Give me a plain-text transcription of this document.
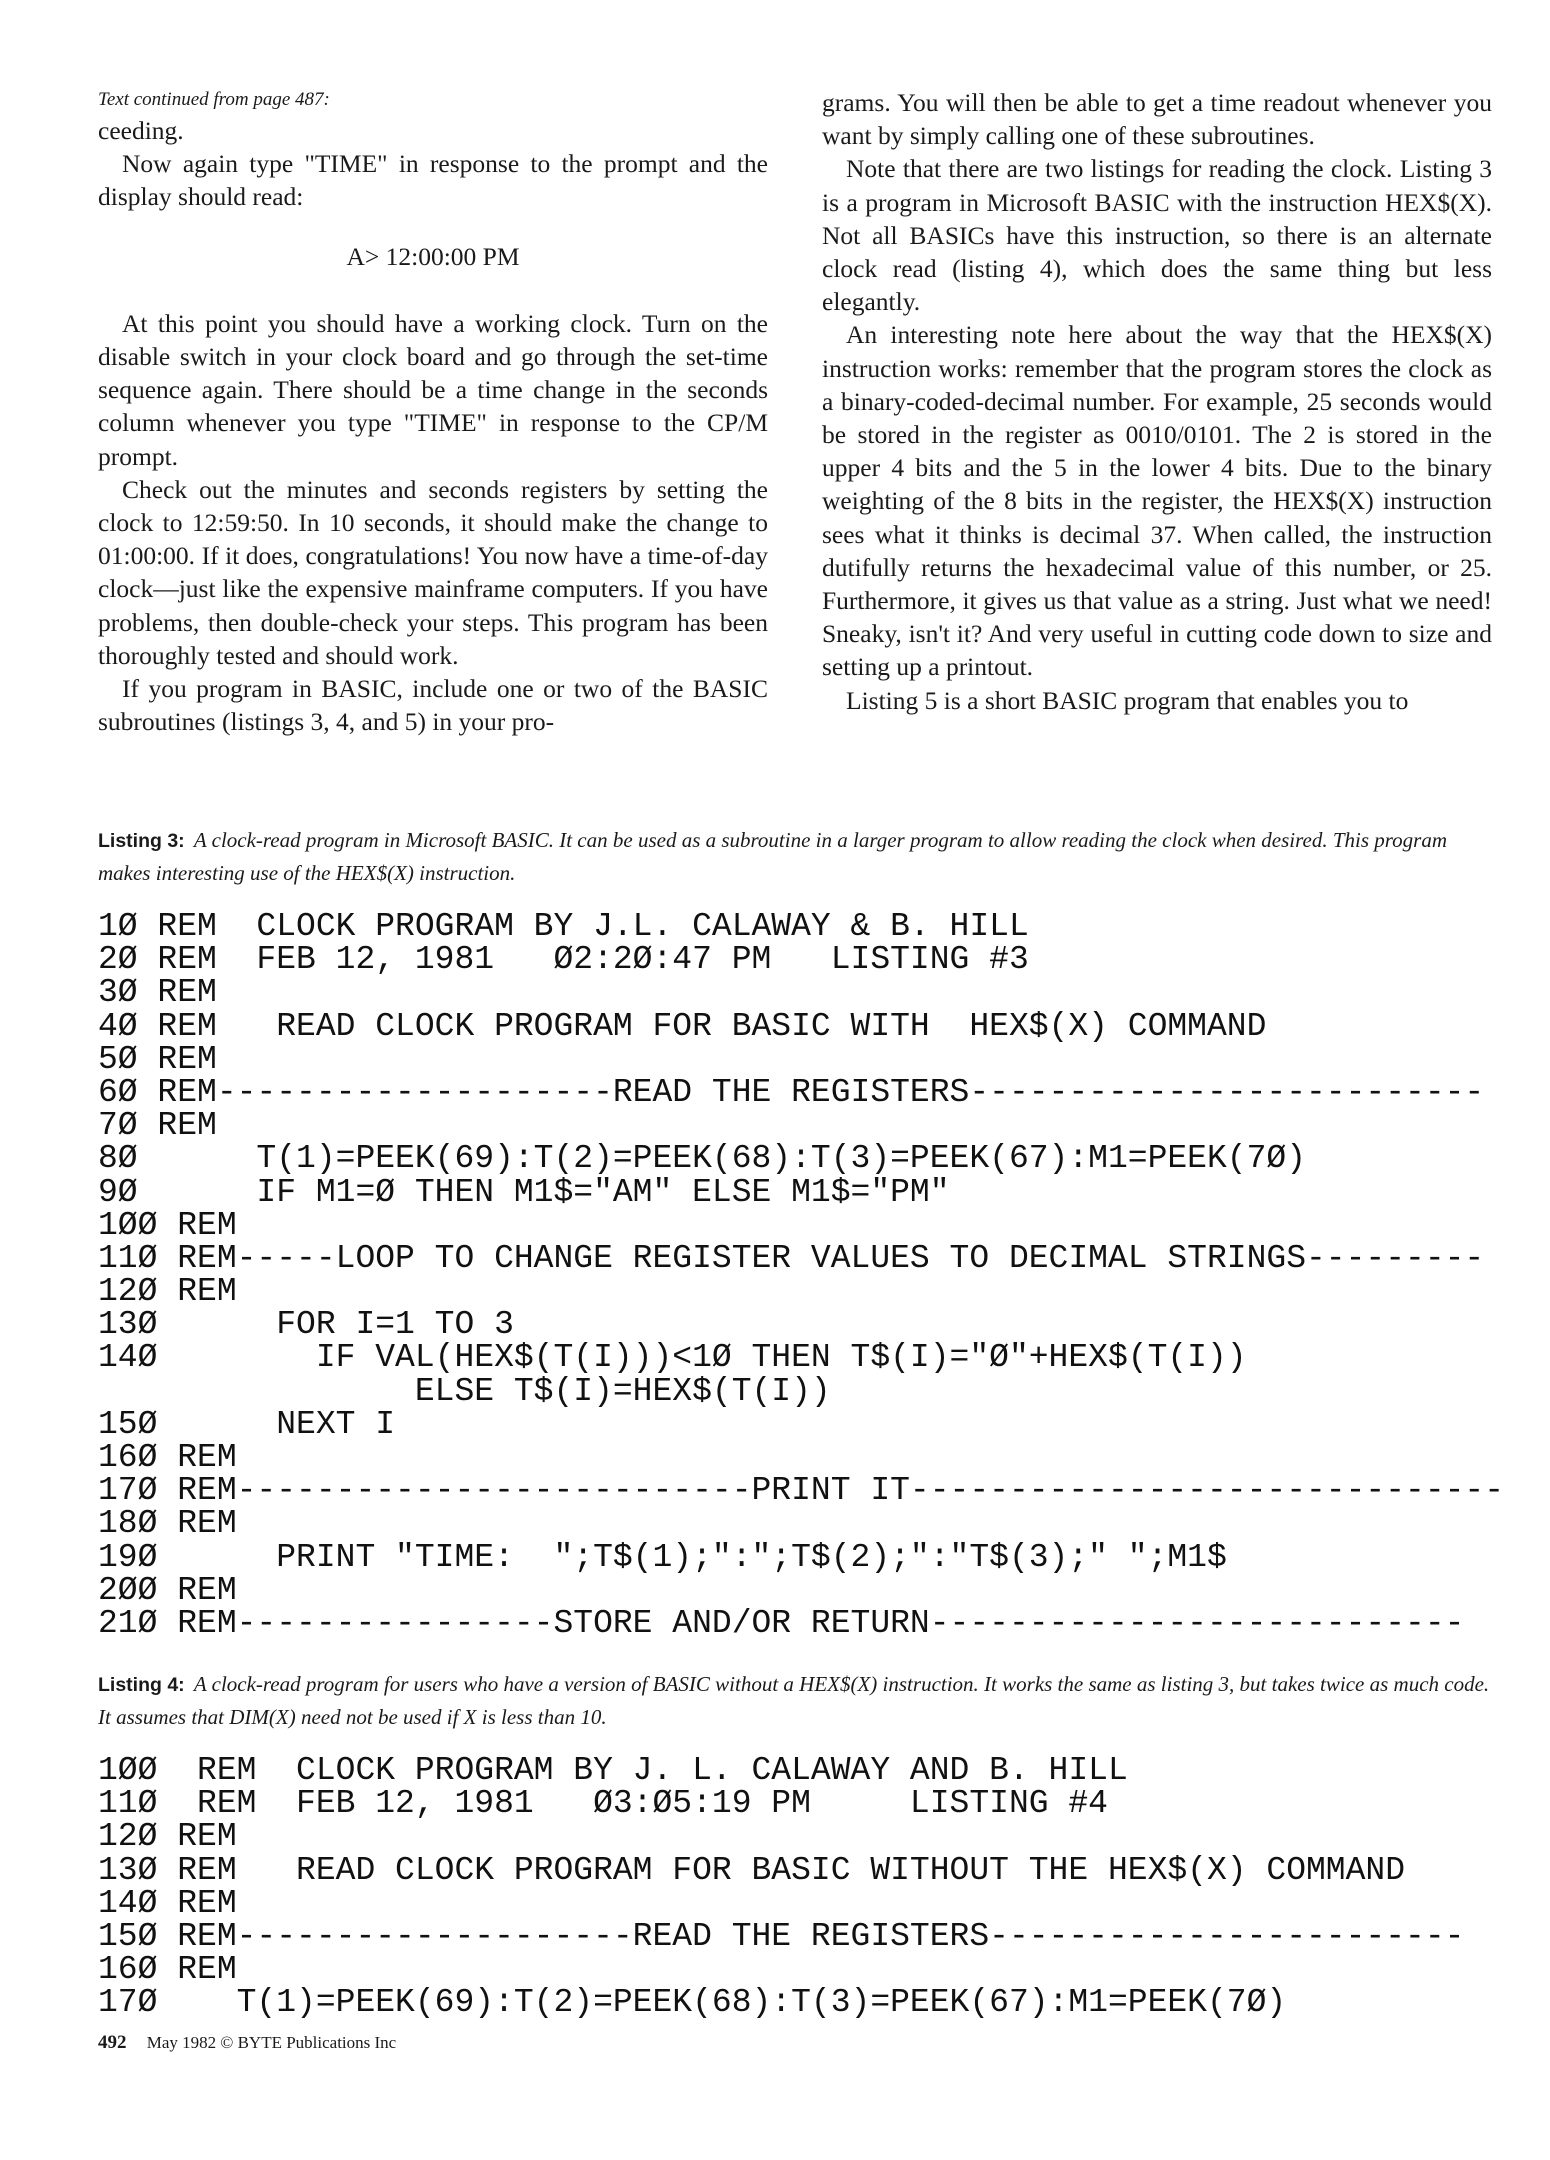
Text continued from page 487:

ceeding.

Now again type "TIME" in response to the prompt and the display should read:

A> 12:00:00 PM

At this point you should have a working clock. Turn on the disable switch in your clock board and go through the set-time sequence again. There should be a time change in the seconds column whenever you type "TIME" in response to the CP/M prompt.

Check out the minutes and seconds registers by setting the clock to 12:59:50. In 10 seconds, it should make the change to 01:00:00. If it does, congratulations! You now have a time-of-day clock—just like the expensive mainframe computers. If you have problems, then double-check your steps. This program has been thoroughly tested and should work.

If you program in BASIC, include one or two of the BASIC subroutines (listings 3, 4, and 5) in your pro-

grams. You will then be able to get a time readout whenever you want by simply calling one of these subroutines.

Note that there are two listings for reading the clock. Listing 3 is a program in Microsoft BASIC with the instruction HEX$(X). Not all BASICs have this instruction, so there is an alternate clock read (listing 4), which does the same thing but less elegantly.

An interesting note here about the way that the HEX$(X) instruction works: remember that the program stores the clock as a binary-coded-decimal number. For example, 25 seconds would be stored in the register as 0010/0101. The 2 is stored in the upper 4 bits and the 5 in the lower 4 bits. Due to the binary weighting of the 8 bits in the register, the HEX$(X) instruction sees what it thinks is decimal 37. When called, the instruction dutifully returns the hexadecimal value of this number, or 25. Furthermore, it gives us that value as a string. Just what we need! Sneaky, isn't it? And very useful in cutting code down to size and setting up a printout.

Listing 5 is a short BASIC program that enables you to

Listing 3: A clock-read program in Microsoft BASIC. It can be used as a subroutine in a larger program to allow reading the clock when desired. This program makes interesting use of the HEX$(X) instruction.
1Ø REM  CLOCK PROGRAM BY J.L. CALAWAY & B. HILL
2Ø REM  FEB 12, 1981   Ø2:2Ø:47 PM   LISTING #3
3Ø REM
4Ø REM   READ CLOCK PROGRAM FOR BASIC WITH  HEX$(X) COMMAND
5Ø REM
6Ø REM--------------------READ THE REGISTERS--------------------------
7Ø REM
8Ø      T(1)=PEEK(69):T(2)=PEEK(68):T(3)=PEEK(67):M1=PEEK(7Ø)
9Ø      IF M1=Ø THEN M1$="AM" ELSE M1$="PM"
1ØØ REM
11Ø REM-----LOOP TO CHANGE REGISTER VALUES TO DECIMAL STRINGS---------
12Ø REM
13Ø      FOR I=1 TO 3
14Ø        IF VAL(HEX$(T(I)))<1Ø THEN T$(I)="Ø"+HEX$(T(I))
ELSE T$(I)=HEX$(T(I))
15Ø      NEXT I
16Ø REM
17Ø REM--------------------------PRINT IT------------------------------
18Ø REM
19Ø      PRINT "TIME:  ";T$(1);":";T$(2);":"T$(3);" ";M1$
2ØØ REM
21Ø REM----------------STORE AND/OR RETURN---------------------------
Listing 4: A clock-read program for users who have a version of BASIC without a HEX$(X) instruction. It works the same as listing 3, but takes twice as much code. It assumes that DIM(X) need not be used if X is less than 10.
1ØØ  REM  CLOCK PROGRAM BY J. L. CALAWAY AND B. HILL
11Ø  REM  FEB 12, 1981   Ø3:Ø5:19 PM     LISTING #4
12Ø REM
13Ø REM   READ CLOCK PROGRAM FOR BASIC WITHOUT THE HEX$(X) COMMAND
14Ø REM
15Ø REM--------------------READ THE REGISTERS------------------------
16Ø REM
17Ø    T(1)=PEEK(69):T(2)=PEEK(68):T(3)=PEEK(67):M1=PEEK(7Ø)
492 May 1982 © BYTE Publications Inc
